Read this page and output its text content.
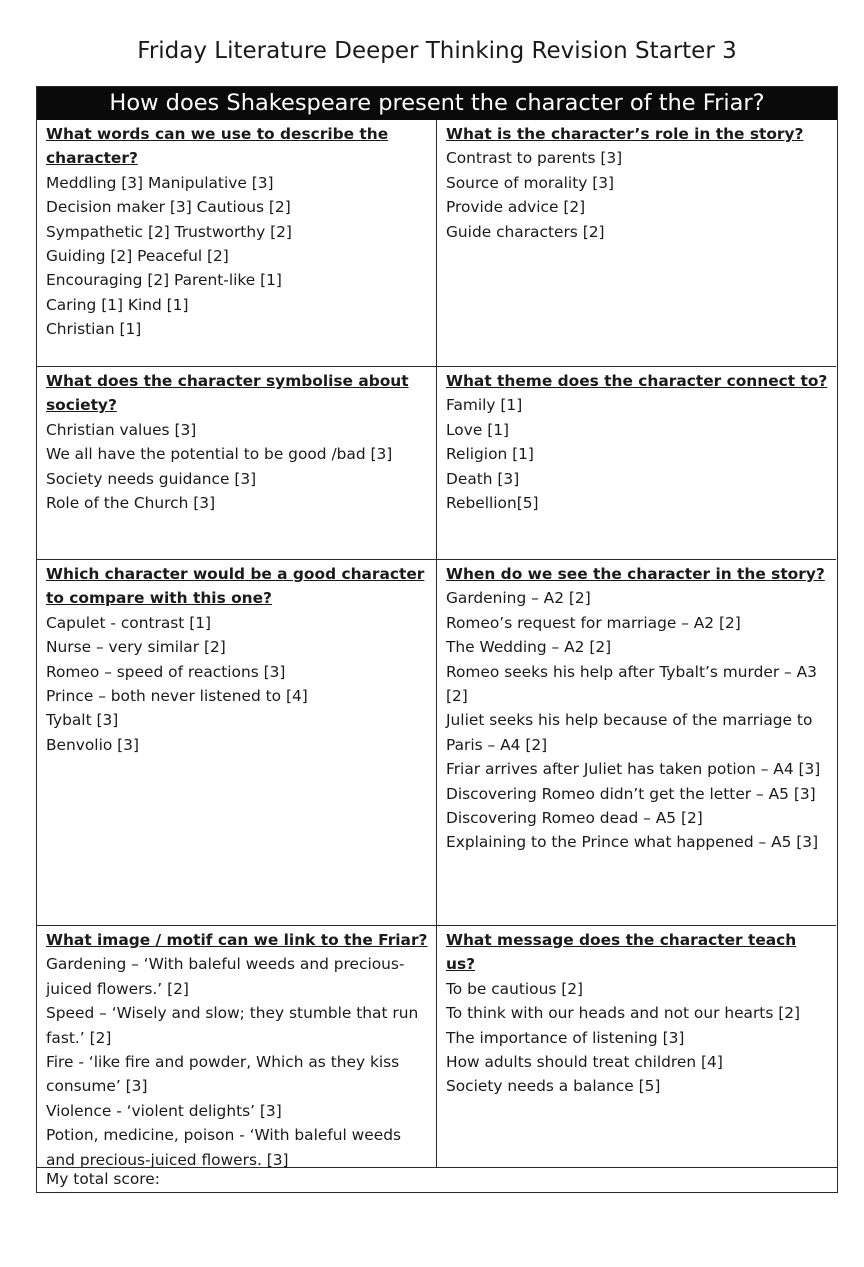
Friday Literature Deeper Thinking Revision Starter 3
How does Shakespeare present the character of the Friar?
What words can we use to describe the character?
Meddling [3] Manipulative [3]
Decision maker [3] Cautious [2]
Sympathetic [2] Trustworthy [2]
Guiding [2] Peaceful [2]
Encouraging [2] Parent-like [1]
Caring [1] Kind [1]
Christian [1]
What is the character’s role in the story?
Contrast to parents [3]
Source of morality [3]
Provide advice [2]
Guide characters [2]
What does the character symbolise about society?
Christian values [3]
We all have the potential to be good /bad [3]
Society needs guidance [3]
Role of the Church [3]
What theme does the character connect to?
Family [1]
Love [1]
Religion [1]
Death [3]
Rebellion[5]
Which character would be a good character to compare with this one?
Capulet - contrast [1]
Nurse – very similar [2]
Romeo – speed of reactions [3]
Prince – both never listened to [4]
Tybalt [3]
Benvolio [3]
When do we see the character in the story?
Gardening – A2 [2]
Romeo’s request for marriage – A2 [2]
The Wedding – A2 [2]
Romeo seeks his help after Tybalt’s murder – A3 [2]
Juliet seeks his help because of the marriage to Paris – A4 [2]
Friar arrives after Juliet has taken potion – A4 [3]
Discovering Romeo didn’t get the letter – A5 [3]
Discovering Romeo dead – A5 [2]
Explaining to the Prince what happened – A5 [3]
What image / motif can we link to the Friar?
Gardening – ‘With baleful weeds and precious-juiced flowers.’ [2]
Speed – ‘Wisely and slow; they stumble that run fast.’ [2]
Fire - ‘like fire and powder, Which as they kiss consume’ [3]
Violence - ‘violent delights’ [3]
Potion, medicine, poison - ‘With baleful weeds and precious-juiced flowers. [3]
What message does the character teach us?
To be cautious [2]
To think with our heads and not our hearts [2]
The importance of listening [3]
How adults should treat children [4]
Society needs a balance [5]
My total score:
